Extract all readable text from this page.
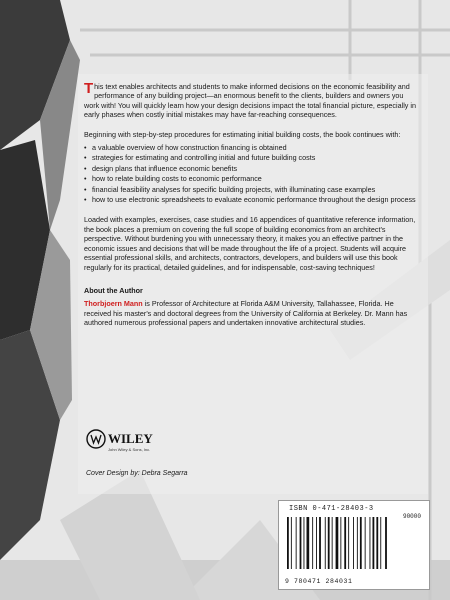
This text enables architects and students to make informed decisions on the economic feasibility and performance of any building project—an enormous benefit to the clients, builders and owners you work with! You will quickly learn how your design decisions impact the total financial picture, especially in early phases when costly initial mistakes may have far-reaching consequences.

Beginning with step-by-step procedures for estimating initial building costs, the book continues with:

• a valuable overview of how construction financing is obtained
• strategies for estimating and controlling initial and future building costs
• design plans that influence economic benefits
• how to relate building costs to economic performance
• financial feasibility analyses for specific building projects, with illuminating case examples
• how to use electronic spreadsheets to evaluate economic performance throughout the design process

Loaded with examples, exercises, case studies and 16 appendices of quantitative reference information, the book places a premium on covering the full scope of building economics from an architect's perspective. Without burdening you with unnecessary theory, it makes you an effective partner in the economic issues and decisions that will be made throughout the life of a project. Students will acquire essential professional skills, and architects, contractors, developers, and builders will use this book regularly for its practical, detailed guidelines, and for indispensable, cost-saving techniques!

About the Author

Thorbjoern Mann is Professor of Architecture at Florida A&M University, Tallahassee, Florida. He received his master's and doctoral degrees from the University of California at Berkeley. Dr. Mann has authored numerous professional papers and undertaken innovative architectural studies.

WILEY
John Wiley & Sons, Inc.
Cover Design by: Debra Segarra
ISBN 0-471-28403-3
90000
9 780471 284031
